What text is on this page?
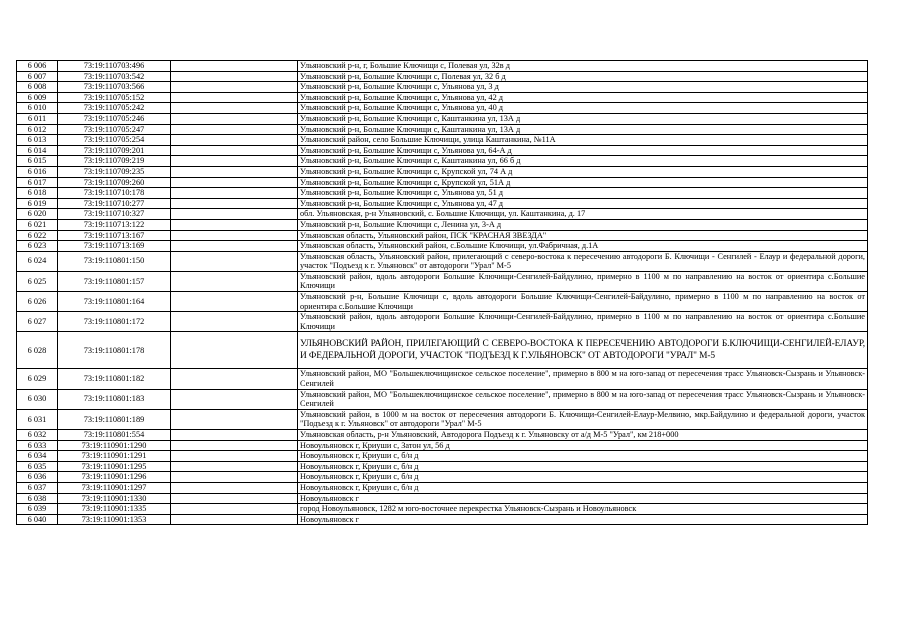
6 006	73:19:110703:496		Ульяновский р-н, г, Большие Ключищи с, Полевая ул, 32в д
6 007	73:19:110703:542		Ульяновский р-н, Большие Ключищи с, Полевая ул, 32 б д
6 008	73:19:110703:566		Ульяновский р-н, Большие Ключищи с, Ульянова ул, 3 д
6 009	73:19:110705:152		Ульяновский р-н, Большие Ключищи с, Ульянова ул, 42 д
6 010	73:19:110705:242		Ульяновский р-н, Большие Ключищи с, Ульянова ул, 40 д
6 011	73:19:110705:246		Ульяновский р-н, Большие Ключищи с, Каштанкина ул, 13А д
6 012	73:19:110705:247		Ульяновский р-н, Большие Ключищи с, Каштанкина ул, 13А д
6 013	73:19:110705:254		Ульяновский район, село Большие Ключищи, улица Каштанкина, №11А
6 014	73:19:110709:201		Ульяновский р-н, Большие Ключищи с, Ульянова ул, 64-А д
6 015	73:19:110709:219		Ульяновский р-н, Большие Ключищи с, Каштанкина ул, 66 б д
6 016	73:19:110709:235		Ульяновский р-н, Большие Ключищи с, Крупской ул, 74 А д
6 017	73:19:110709:260		Ульяновский р-н, Большие Ключищи с, Крупской ул, 51А д
6 018	73:19:110710:178		Ульяновский р-н, Большие Ключищи с, Ульянова ул, 51 д
6 019	73:19:110710:277		Ульяновский р-н, Большие Ключищи с, Ульянова ул, 47 д
6 020	73:19:110710:327		обл. Ульяновская, р-н Ульяновский, с. Большие Ключищи, ул. Каштанкина, д. 17
6 021	73:19:110713:122		Ульяновский р-н, Большие Ключищи с, Ленина ул, 3-А д
6 022	73:19:110713:167		Ульяновская область, Ульяновский район, ПСК "КРАСНАЯ ЗВЕЗДА"
6 023	73:19:110713:169		Ульяновская область, Ульяновский район, с.Большие Ключищи, ул.Фабричная, д.1А
6 024	73:19:110801:150		Ульяновская область, Ульяновский район, прилегающий с северо-востока к пересечению автодороги Б. Ключищи - Сенгилей - Елаур и федеральной дороги, участок "Подъезд к г. Ульяновск" от автодороги "Урал" М-5
6 025	73:19:110801:157		Ульяновский район, вдоль автодороги Большие Ключищи-Сенгилей-Байдулино, примерно в 1100 м по направлению на восток от ориентира с.Большие Ключищи
6 026	73:19:110801:164		Ульяновский р-н, Большие Ключищи с, вдоль автодороги Большие Ключищи-Сенгилей-Байдулино, примерно в 1100 м по направлению на восток от ориентира с.Большие Ключищи
6 027	73:19:110801:172		Ульяновский район, вдоль автодороги Большие Ключищи-Сенгилей-Байдулино, примерно в 1100 м по направлению на восток от ориентира с.Большие Ключищи
6 028	73:19:110801:178		УЛЬЯНОВСКИЙ РАЙОН, ПРИЛЕГАЮЩИЙ С СЕВЕРО-ВОСТОКА К ПЕРЕСЕЧЕНИЮ АВТОДОРОГИ Б.КЛЮЧИЩИ-СЕНГИЛЕЙ-ЕЛАУР, И ФЕДЕРАЛЬНОЙ ДОРОГИ, УЧАСТОК "ПОДЪЕЗД К Г.УЛЬЯНОВСК" ОТ АВТОДОРОГИ "УРАЛ" М-5
6 029	73:19:110801:182		Ульяновский район, МО "Большеключищинское сельское поселение", примерно в 800 м на юго-запад от пересечения трасс Ульяновск-Сызрань и Ульяновск-Сенгилей
6 030	73:19:110801:183		Ульяновский район, МО "Большеключищинское сельское поселение", примерно в 800 м на юго-запад от пересечения трасс Ульяновск-Сызрань и Ульяновск-Сенгилей
6 031	73:19:110801:189		Ульяновский район, в 1000 м на восток от пересечения автодороги Б. Ключищи-Сенгилей-Елаур-Мелвино, мкр.Байдулино и федеральной дороги, участок "Подъезд к г. Ульяновск" от автодороги "Урал" М-5
6 032	73:19:110801:554		Ульяновская область, р-н Ульяновский, Автодорога Подъезд к г. Ульяновску от а/д М-5 "Урал", км 218+000
6 033	73:19:110901:1290		Новоульяновск г, Криуши с, Затон ул, 56 д
6 034	73:19:110901:1291		Новоульяновск г, Криуши с, б/н д
6 035	73:19:110901:1295		Новоульяновск г, Криуши с, б/н д
6 036	73:19:110901:1296		Новоульяновск г, Криуши с, б/н д
6 037	73:19:110901:1297		Новоульяновск г, Криуши с, б/н д
6 038	73:19:110901:1330		Новоульяновск г
6 039	73:19:110901:1335		город Новоульяновск, 1282 м юго-восточнее перекрестка Ульяновск-Сызрань и Новоульяновск
6 040	73:19:110901:1353		Новоульяновск г
